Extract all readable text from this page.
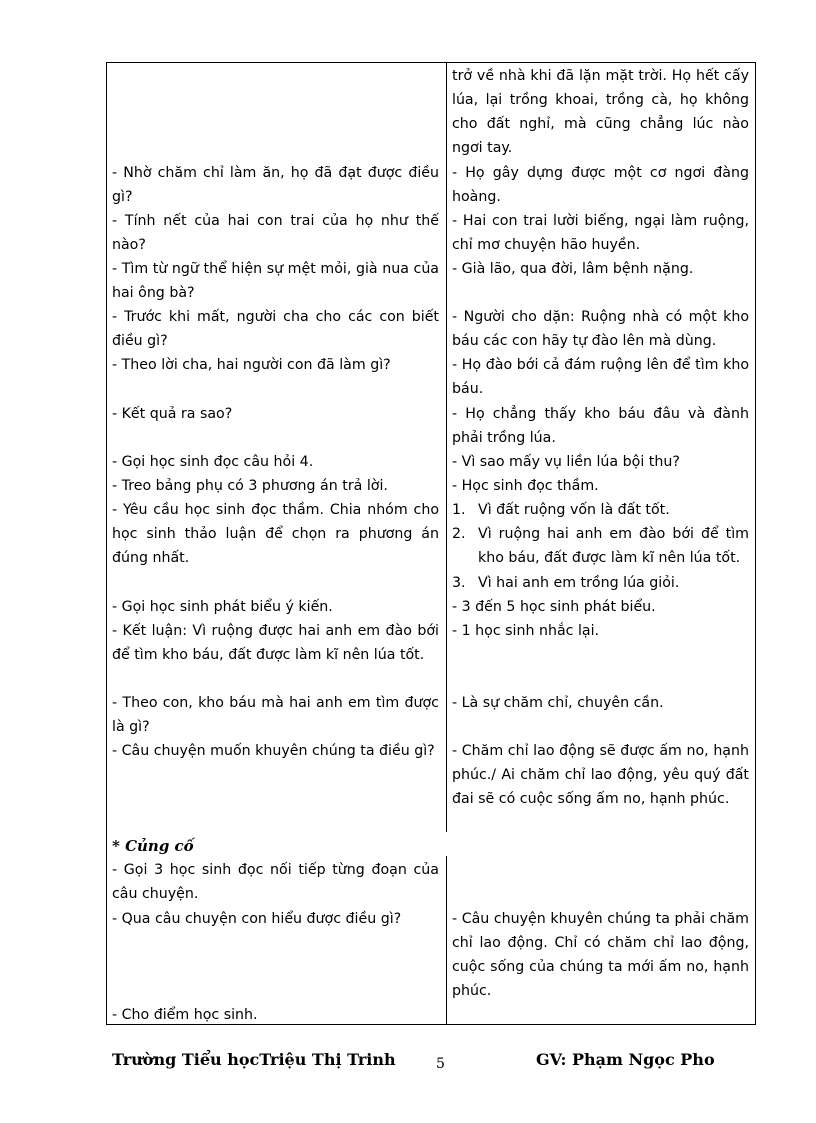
- Nhờ chăm chỉ làm ăn, họ đã đạt được điều gì?
- Tính nết của hai con trai của họ như thế nào?
- Tìm từ ngữ thể hiện sự mệt mỏi, già nua của hai ông bà?
- Trước khi mất, người cha cho các con biết điều gì?
- Theo lời cha, hai người con đã làm gì?
- Kết quả ra sao?
- Gọi học sinh đọc câu hỏi 4.
- Treo bảng phụ có 3 phương án trả lời.
- Yêu cầu học sinh đọc thầm. Chia nhóm cho học sinh thảo luận để chọn ra phương án đúng nhất.
- Gọi học sinh phát biểu ý kiến.
- Kết luận: Vì ruộng được hai anh em đào bới để tìm kho báu, đất được làm kĩ nên lúa tốt.
- Theo con, kho báu mà hai anh em tìm được là gì?
- Câu chuyện muốn khuyên chúng ta điều gì?
* Củng cố
- Gọi 3 học sinh đọc nối tiếp từng đoạn của câu chuyện.
- Qua câu chuyện con hiểu được điều gì?
- Cho điểm học sinh.
trở về nhà khi đã lặn mặt trời. Họ hết cấy lúa, lại trồng khoai, trồng cà, họ không cho đất nghỉ, mà cũng chẳng lúc nào ngơi tay.
- Họ gây dựng được một cơ ngơi đàng hoàng.
- Hai con trai lười biếng, ngại làm ruộng, chỉ mơ chuyện hão huyền.
- Già lão, qua đời, lâm bệnh nặng.
- Người cho dặn: Ruộng nhà có một kho báu các con hãy tự đào lên mà dùng.
- Họ đào bới cả đám ruộng lên để tìm kho báu.
- Họ chẳng thấy kho báu đâu và đành phải trồng lúa.
- Vì sao mấy vụ liền lúa bội thu?
- Học sinh đọc thầm.
1. Vì đất ruộng vốn là đất tốt.
2. Vì ruộng hai anh em đào bới để tìm kho báu, đất được làm kĩ nên lúa tốt.
3. Vì hai anh em trồng lúa giỏi.
- 3 đến 5 học sinh phát biểu.
- 1 học sinh nhắc lại.
- Là sự chăm chỉ, chuyên cần.
- Chăm chỉ lao động sẽ được ấm no, hạnh phúc./ Ai chăm chỉ lao động, yêu quý đất đai sẽ có cuộc sống ấm no, hạnh phúc.
- Câu chuyện khuyên chúng ta phải chăm chỉ lao động. Chỉ có chăm chỉ lao động, cuộc sống của chúng ta mới ấm no, hạnh phúc.
Trường Tiểu họcTriệu Thị Trinh	5	GV: Phạm Ngọc Pho
